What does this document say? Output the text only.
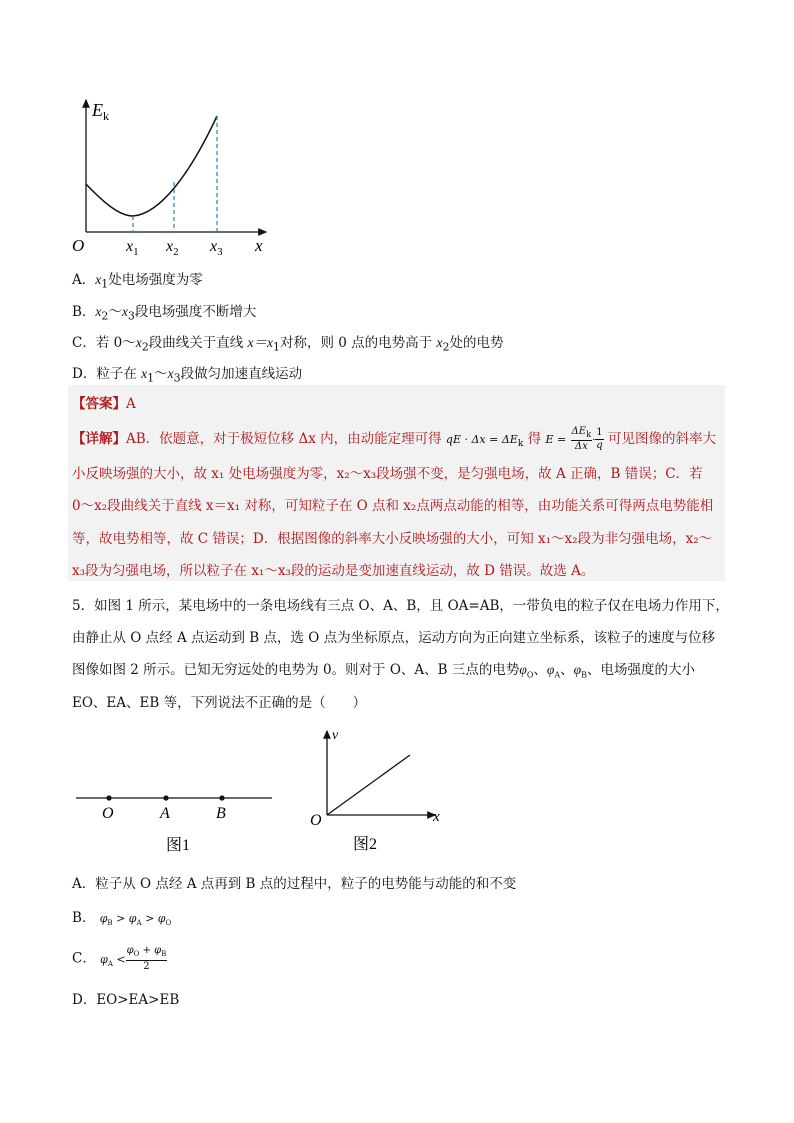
$E_k$
O	x
$x_1$ $x_2$ $x_3$
A．$x_1$处电场强度为零
B．$x_2\sim x_3$段电场强度不断增大
C．若 $0\sim x_2$段曲线关于直线 $x=x_1$对称，则 0 点的电势高于 $x_2$处的电势
D．粒子在 $x_1\sim x_3$段做匀加速直线运动
【答案】A
【详解】AB．依题意，对于极短位移 Δx 内，由动能定理可得 qE · $\Delta x = \Delta E_k$ 得 $E = \frac{\Delta E_k}{\Delta x} \cdot \frac{1}{q}$ 可见图像的斜率大
小反映场强的大小，故 x₁ 处电场强度为零，x₂～x₃段场强不变，是匀强电场，故 A 正确，B 错误；C．若
0～x₂段曲线关于直线 x＝x₁ 对称，可知粒子在 O 点和 x₂点两点动能的相等，由功能关系可得两点电势能相
等，故电势相等，故 C 错误；D．根据图像的斜率大小反映场强的大小，可知 x₁～x₂段为非匀强电场，x₂～
x₃段为匀强电场，所以粒子在 x₁～x₃段的运动是变加速直线运动，故 D 错误。故选 A。
5．如图 1 所示，某电场中的一条电场线有三点 O、A、B，且 OA=AB，一带负电的粒子仅在电场力作用下，
由静止从 O 点经 A 点运动到 B 点，选 O 点为坐标原点，运动方向为正向建立坐标系，该粒子的速度与位移
图像如图 2 所示。已知无穷远处的电势为 0。则对于 O、A、B 三点的电势$\varphi_O$、$\varphi_A$、$\varphi_B$、电场强度的大小
EO、EA、EB 等，下列说法不正确的是（　　）
O	A	B
图1
v
x
O
图2
A．粒子从 O 点经 A 点再到 B 点的过程中，粒子的电势能与动能的和不变
B． $\varphi_B > \varphi_A > \varphi_O$
C． $\varphi_A < \frac{\varphi_O + \varphi_B}{2}$
D．EO>EA>EB
